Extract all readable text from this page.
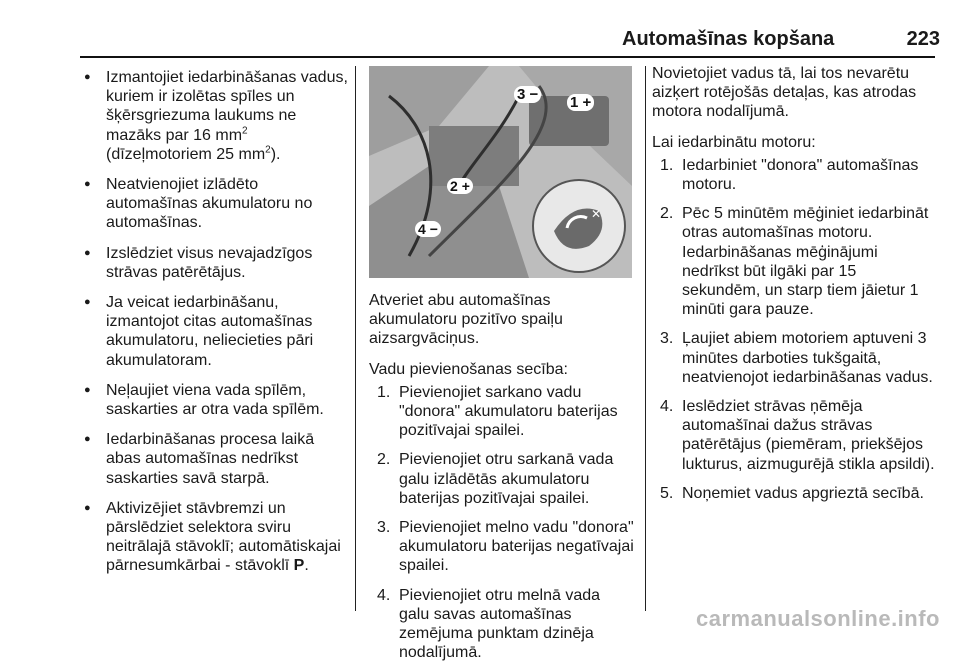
Automašīnas kopšana	223
● Izmantojiet iedarbināšanas vadus, kuriem ir izolētas spīles un šķērsgriezuma laukums ne mazāks par 16 $mm^2$
(dīzeļmotoriem 25 $mm^2$).
● Neatvienojiet izlādēto automašīnas akumulatoru no automašīnas.
● Izslēdziet visus nevajadzīgos strāvas patērētājus.
● Ja veicat iedarbināšanu, izmantojot citas automašīnas akumulatoru, neliecieties pāri akumulatoram.
● Neļaujiet viena vada spīlēm, saskarties ar otra vada spīlēm.
● Iedarbināšanas procesa laikā abas automašīnas nedrīkst saskarties savā starpā.
● Aktivizējiet stāvbremzi un pārslēdziet selektora sviru neitrālajā stāvoklī; automātiskajai pārnesumkārbai - stāvoklī P.
✕
1 +
2 +
3 −
4 −

Atveriet abu automašīnas akumulatoru pozitīvo spaiļu aizsargvāciņus.

Vadu pievienošanas secība:

1. Pievienojiet sarkano vadu "donora" akumulatoru baterijas pozitīvajai spailei.
2. Pievienojiet otru sarkanā vada galu izlādētās akumulatoru baterijas pozitīvajai spailei.
3. Pievienojiet melno vadu "donora" akumulatoru baterijas negatīvajai spailei.
4. Pievienojiet otru melnā vada galu savas automašīnas zemējuma punktam dzinēja nodalījumā.

Novietojiet vadus tā, lai tos nevarētu aizķert rotējošās detaļas, kas atrodas motora nodalījumā.

Lai iedarbinātu motoru:

1. Iedarbiniet "donora" automašīnas motoru.
2. Pēc 5 minūtēm mēģiniet iedarbināt otras automašīnas motoru. Iedarbināšanas mēģinājumi nedrīkst būt ilgāki par 15 sekundēm, un starp tiem jāietur 1 minūti gara pauze.
3. Ļaujiet abiem motoriem aptuveni 3 minūtes darboties tukšgaitā, neatvienojot iedarbināšanas vadus.
4. Ieslēdziet strāvas ņēmēja automašīnai dažus strāvas patērētājus (piemēram, priekšējos lukturus, aizmugurējā stikla apsildi).
5. Noņemiet vadus apgrieztā secībā.
carmanualsonline.info
